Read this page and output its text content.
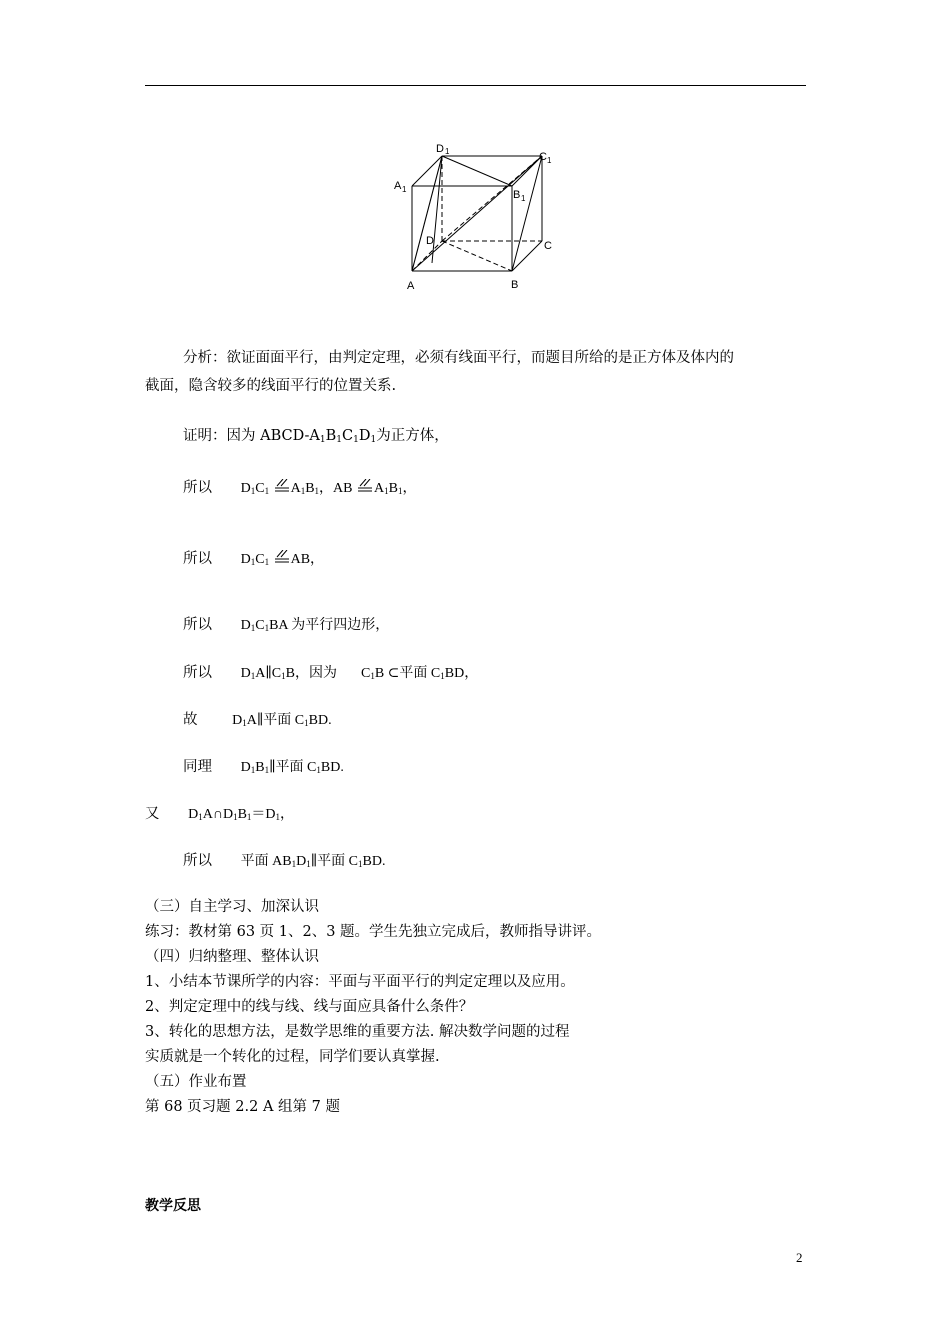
D 1	C 1
A 1	B 1
D	C
A	B
分析：欲证面面平行，由判定定理，必须有线面平行，而题目所给的是正方体及体内的
截面，隐含较多的线面平行的位置关系.
证明：因为 ABCD-$A_1B_1C_1D_1$为正方体，
所以 $D_1C_1$ $A_1B_1$，AB $A_1B_1$，
所以 $D_1C_1$ AB，
所以 $D_1C_1BA$ 为平行四边形，
所以 $D_1A\parallel C_1B$，因为 $C_1B$ ⊂平面 $C_1BD$，
故 $D_1A\parallel$平面 $C_1BD$.
同理 $D_1B_1\parallel$平面 $C_1BD$.
又 $D_1A\cap D_1B_1=D_1$，
所以 平面 $AB_1D_1\parallel$平面 $C_1BD$.
（三）自主学习、加深认识
练习：教材第 63 页 1、2、3 题。学生先独立完成后，教师指导讲评。
（四）归纳整理、整体认识
1、小结本节课所学的内容：平面与平面平行的判定定理以及应用。
2、判定定理中的线与线、线与面应具备什么条件？
3、转化的思想方法，是数学思维的重要方法. 解决数学问题的过程
实质就是一个转化的过程，同学们要认真掌握.
（五）作业布置
第 68 页习题 2.2 A 组第 7 题
教学反思
2
